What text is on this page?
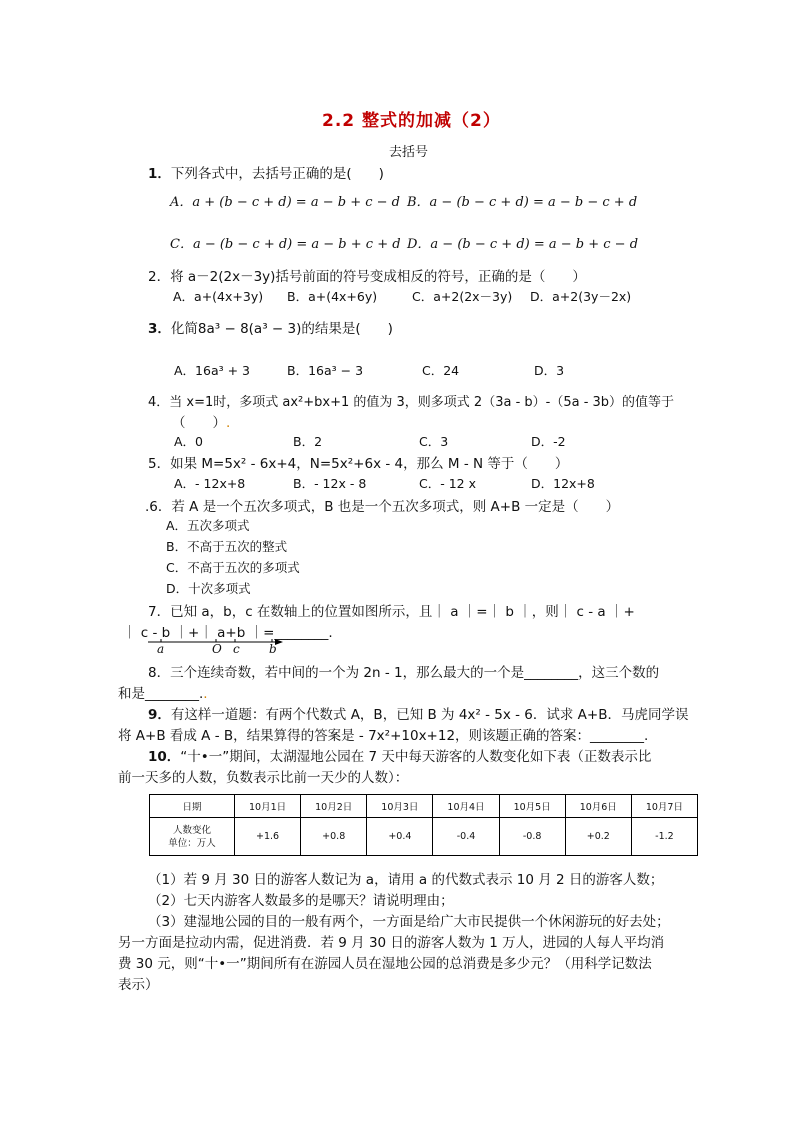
2.2 整式的加减（2）
去括号
1．下列各式中，去括号正确的是(　　)
A．a + (b − c + d) = a − b + c − d B．a − (b − c + d) = a − b − c + d
C．a − (b − c + d) = a − b + c + d D．a − (b − c + d) = a − b + c − d
2．将 a－2(2x－3y)括号前面的符号变成相反的符号，正确的是（　　）
A．a+(4x+3y) B．a+(4x+6y)	C．a+2(2x－3y) D．a+2(3y－2x)
3．化简8a³ − 8(a³ − 3)的结果是(　　)
A．16a³ + 3	B．16a³ − 3	C．24	D．3
4．当 x=1时，多项式 ax²+bx+1 的值为 3，则多项式 2（3a - b）-（5a - 3b）的值等于
（　　）.
A．0	B．2	C．3	D．-2
5．如果 M=5x² - 6x+4，N=5x²+6x - 4，那么 M - N 等于（　　）
A．- 12x+8	B．- 12x - 8	C．- 12 x	D．12x+8
.6．若 A 是一个五次多项式，B 也是一个五次多项式，则 A+B 一定是（　　）
A．五次多项式
B．不高于五次的整式
C．不高于五次的多项式
D．十次多项式
7．已知 a，b，c 在数轴上的位置如图所示，且｜ a ｜=｜ b ｜，则｜ c - a ｜+
｜ c - b ｜+｜ a+b ｜=________.
a	O c b
8．三个连续奇数，若中间的一个为 2n - 1，那么最大的一个是________，这三个数的
和是________..
9．有这样一道题：有两个代数式 A，B，已知 B 为 4x² - 5x - 6．试求 A+B．马虎同学误
将 A+B 看成 A - B，结果算得的答案是 - 7x²+10x+12，则该题正确的答案：________.
10．“十•一”期间，太湖湿地公园在 7 天中每天游客的人数变化如下表（正数表示比
前一天多的人数，负数表示比前一天少的人数）：
日期	10月1日	10月2日	10月3日	10月4日	10月5日	10月6日	10月7日

人数变化
单位：万人	+1.6	+0.8	+0.4	-0.4	-0.8	+0.2	-1.2
（1）若 9 月 30 日的游客人数记为 a，请用 a 的代数式表示 10 月 2 日的游客人数；
（2）七天内游客人数最多的是哪天？请说明理由；
（3）建湿地公园的目的一般有两个，一方面是给广大市民提供一个休闲游玩的好去处；
另一方面是拉动内需，促进消费．若 9 月 30 日的游客人数为 1 万人，进园的人每人平均消
费 30 元，则“十•一”期间所有在游园人员在湿地公园的总消费是多少元？（用科学记数法
表示）
